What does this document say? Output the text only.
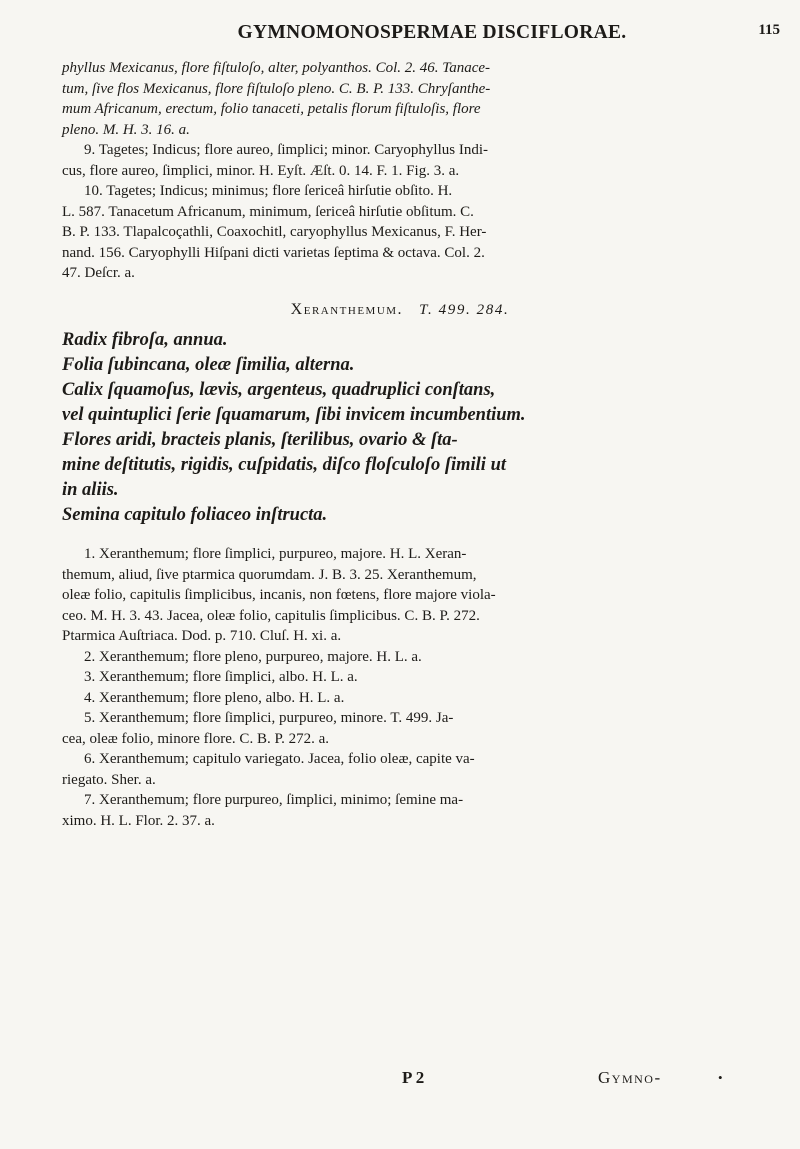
GYMNOMONOSPERMAE DISCIFLORAE.	115

phyllus Mexicanus, flore fiſtuloſo, alter, polyanthos. Col. 2. 46. Tanace-

tum, ſive flos Mexicanus, flore fiſtuloſo pleno. C. B. P. 133. Chryſanthe-

mum Africanum, erectum, folio tanaceti, petalis florum fiſtuloſis, flore

pleno. M. H. 3. 16. a.

9. Tagetes; Indicus; flore aureo, ſimplici; minor. Caryophyllus Indi-

cus, flore aureo, ſimplici, minor. H. Eyſt. Æſt. 0. 14. F. 1. Fig. 3. a.

10. Tagetes; Indicus; minimus; flore ſericeâ hirſutie obſito. H.

L. 587. Tanacetum Africanum, minimum, ſericeâ hirſutie obſitum. C.

B. P. 133. Tlapalcoçathli, Coaxochitl, caryophyllus Mexicanus, F. Her-

nand. 156. Caryophylli Hiſpani dicti varietas ſeptima & octava. Col. 2.

47. Deſcr. a.

Xeranthemum. T. 499. 284.

Radix fibroſa, annua.

Folia ſubincana, oleæ ſimilia, alterna.

Calix ſquamoſus, lævis, argenteus, quadruplici conſtans,

vel quintuplici ſerie ſquamarum, ſibi invicem incumbentium.

Flores aridi, bracteis planis, ſterilibus, ovario & ſta-

mine deſtitutis, rigidis, cuſpidatis, diſco floſculoſo ſimili ut

in aliis.

Semina capitulo foliaceo inſtructa.

1. Xeranthemum; flore ſimplici, purpureo, majore. H. L. Xeran-

themum, aliud, ſive ptarmica quorumdam. J. B. 3. 25. Xeranthemum,

oleæ folio, capitulis ſimplicibus, incanis, non fœtens, flore majore viola-

ceo. M. H. 3. 43. Jacea, oleæ folio, capitulis ſimplicibus. C. B. P. 272.

Ptarmica Auſtriaca. Dod. p. 710. Cluſ. H. xi. a.

2. Xeranthemum; flore pleno, purpureo, majore. H. L. a.

3. Xeranthemum; flore ſimplici, albo. H. L. a.

4. Xeranthemum; flore pleno, albo. H. L. a.

5. Xeranthemum; flore ſimplici, purpureo, minore. T. 499. Ja-

cea, oleæ folio, minore flore. C. B. P. 272. a.

6. Xeranthemum; capitulo variegato. Jacea, folio oleæ, capite va-

riegato. Sher. a.

7. Xeranthemum; flore purpureo, ſimplici, minimo; ſemine ma-

ximo. H. L. Flor. 2. 37. a.

P 2	Gymno-	•
